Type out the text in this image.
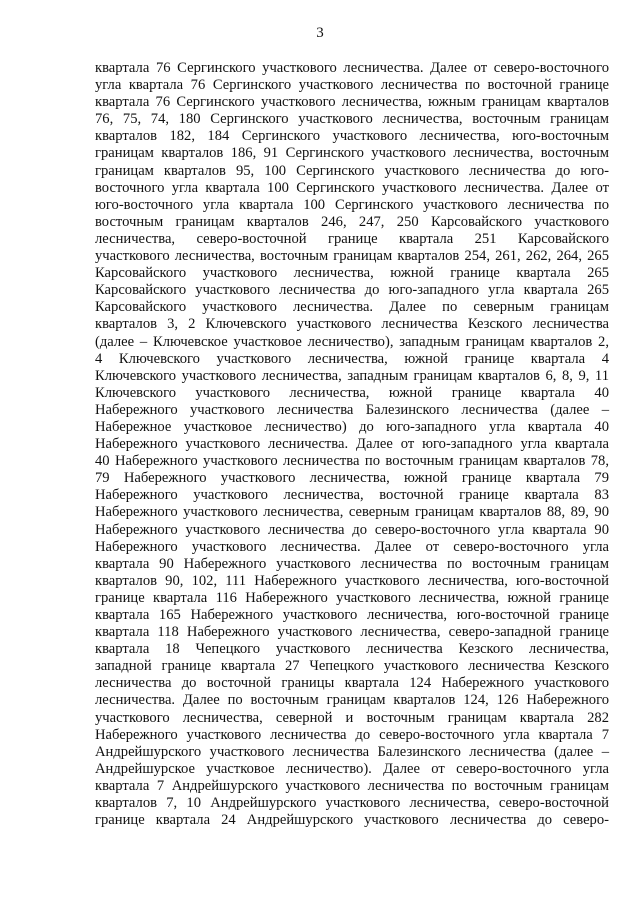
3
квартала 76 Сергинского участкового лесничества. Далее от северо-восточного
угла квартала 76 Сергинского участкового лесничества по восточной границе
квартала 76 Сергинского участкового лесничества, южным границам кварталов
76, 75, 74, 180 Сергинского участкового лесничества, восточным границам
кварталов 182, 184 Сергинского участкового лесничества, юго-восточным
границам кварталов 186, 91 Сергинского участкового лесничества, восточным
границам кварталов 95, 100 Сергинского участкового лесничества до юго-
восточного угла квартала 100 Сергинского участкового лесничества. Далее от
юго-восточного угла квартала 100 Сергинского участкового лесничества по
восточным границам кварталов 246, 247, 250 Карсовайского участкового
лесничества, северо-восточной границе квартала 251 Карсовайского
участкового лесничества, восточным границам кварталов 254, 261, 262, 264, 265
Карсовайского участкового лесничества, южной границе квартала 265
Карсовайского участкового лесничества до юго-западного угла квартала 265
Карсовайского участкового лесничества. Далее по северным границам
кварталов 3, 2 Ключевского участкового лесничества Кезского лесничества
(далее – Ключевское участковое лесничество), западным границам кварталов 2,
4 Ключевского участкового лесничества, южной границе квартала 4
Ключевского участкового лесничества, западным границам кварталов 6, 8, 9, 11
Ключевского участкового лесничества, южной границе квартала 40
Набережного участкового лесничества Балезинского лесничества (далее –
Набережное участковое лесничество) до юго-западного угла квартала 40
Набережного участкового лесничества. Далее от юго-западного угла квартала
40 Набережного участкового лесничества по восточным границам кварталов 78,
79 Набережного участкового лесничества, южной границе квартала 79
Набережного участкового лесничества, восточной границе квартала 83
Набережного участкового лесничества, северным границам кварталов 88, 89, 90
Набережного участкового лесничества до северо-восточного угла квартала 90
Набережного участкового лесничества. Далее от северо-восточного угла
квартала 90 Набережного участкового лесничества по восточным границам
кварталов 90, 102, 111 Набережного участкового лесничества, юго-восточной
границе квартала 116 Набережного участкового лесничества, южной границе
квартала 165 Набережного участкового лесничества, юго-восточной границе
квартала 118 Набережного участкового лесничества, северо-западной границе
квартала 18 Чепецкого участкового лесничества Кезского лесничества,
западной границе квартала 27 Чепецкого участкового лесничества Кезского
лесничества до восточной границы квартала 124 Набережного участкового
лесничества. Далее по восточным границам кварталов 124, 126 Набережного
участкового лесничества, северной и восточным границам квартала 282
Набережного участкового лесничества до северо-восточного угла квартала 7
Андрейшурского участкового лесничества Балезинского лесничества (далее –
Андрейшурское участковое лесничество). Далее от северо-восточного угла
квартала 7 Андрейшурского участкового лесничества по восточным границам
кварталов 7, 10 Андрейшурского участкового лесничества, северо-восточной
границе квартала 24 Андрейшурского участкового лесничества до северо-
